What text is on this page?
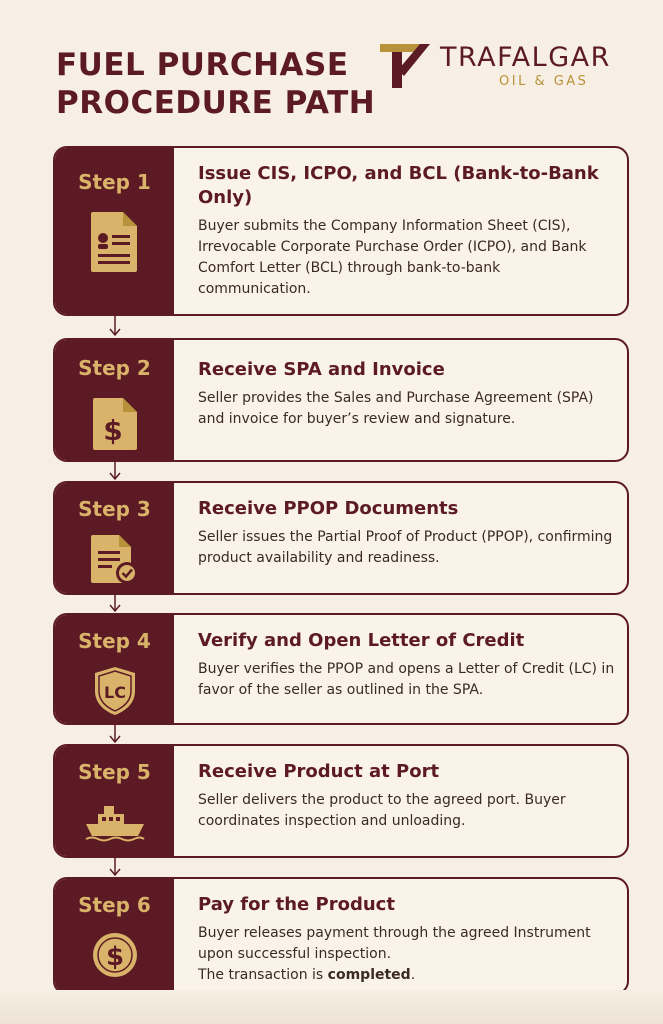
FUEL PURCHASE
PROCEDURE PATH
TRAFALGAR
OIL & GAS
Step 1	Issue CIS, ICPO, and BCL (Bank-to-Bank Only)
Buyer submits the Company Information Sheet (CIS), Irrevocable Corporate Purchase Order (ICPO), and Bank Comfort Letter (BCL) through bank-to-bank communication.
Step 2
$
Receive SPA and Invoice
Seller provides the Sales and Purchase Agreement (SPA) and invoice for buyer’s review and signature.
Step 3	Receive PPOP Documents
Seller issues the Partial Proof of Product (PPOP), confirming product availability and readiness.
Step 4
LC
Verify and Open Letter of Credit
Buyer verifies the PPOP and opens a Letter of Credit (LC) in favor of the seller as outlined in the SPA.
Step 5	Receive Product at Port
Seller delivers the product to the agreed port. Buyer coordinates inspection and unloading.
Step 6
$
Pay for the Product
Buyer releases payment through the agreed Instrument upon successful inspection.
The transaction is completed.
